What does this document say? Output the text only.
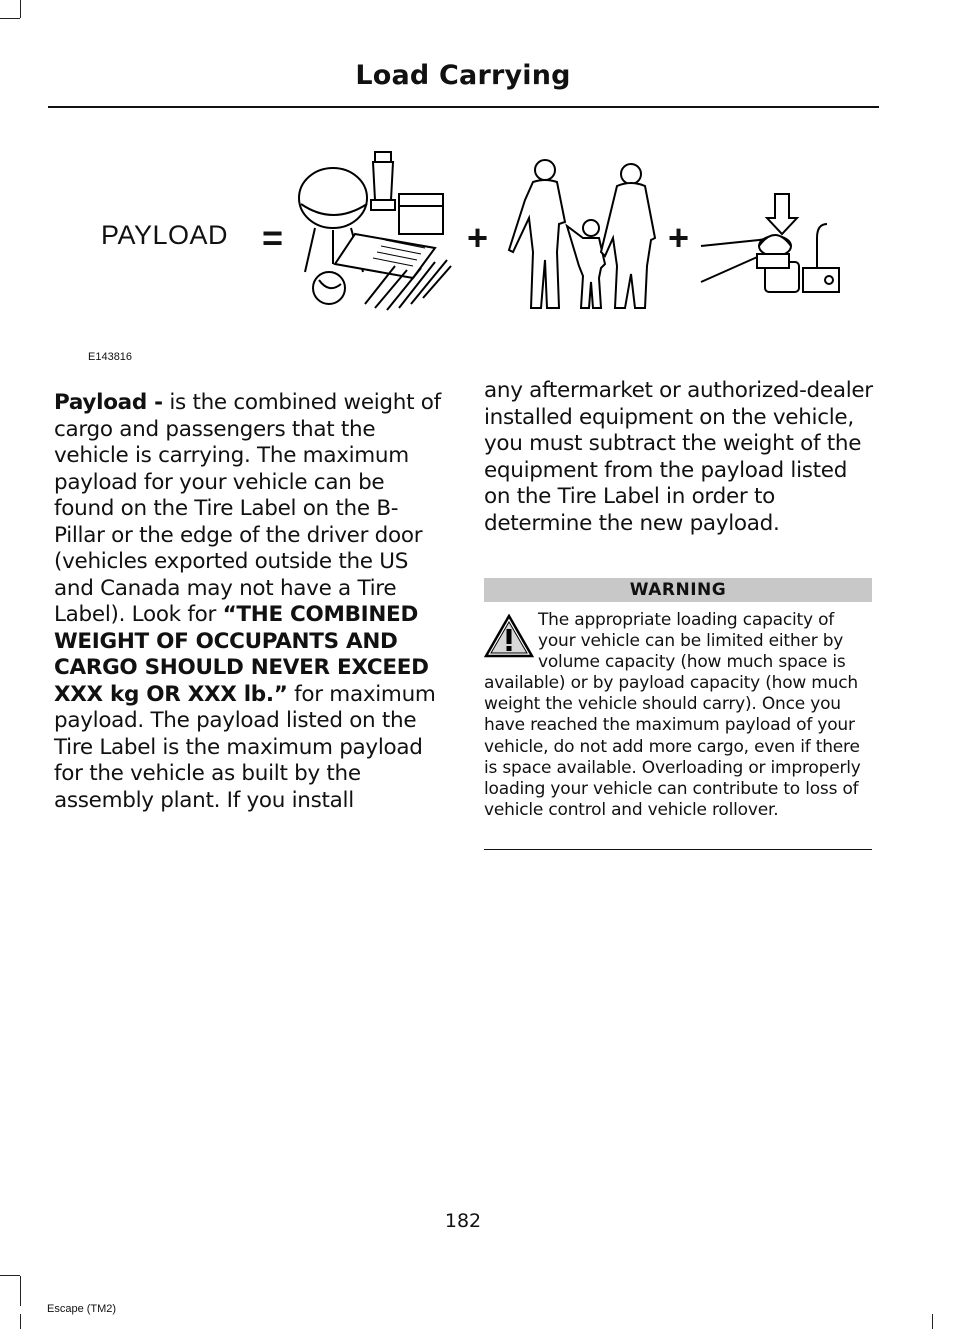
Load Carrying
PAYLOAD =	+	+
E143816

Payload - is the combined weight of cargo and passengers that the vehicle is carrying. The maximum payload for your vehicle can be found on the Tire Label on the B-Pillar or the edge of the driver door (vehicles exported outside the US and Canada may not have a Tire Label). Look for “THE COMBINED WEIGHT OF OCCUPANTS AND CARGO SHOULD NEVER EXCEED XXX kg OR XXX lb.” for maximum payload. The payload listed on the Tire Label is the maximum payload for the vehicle as built by the assembly plant. If you install

any aftermarket or authorized-dealer installed equipment on the vehicle, you must subtract the weight of the equipment from the payload listed on the Tire Label in order to determine the new payload.

WARNING
The appropriate loading capacity of your vehicle can be limited either by volume capacity (how much space is available) or by payload capacity (how much weight the vehicle should carry). Once you have reached the maximum payload of your vehicle, do not add more cargo, even if there is space available. Overloading or improperly loading your vehicle can contribute to loss of vehicle control and vehicle rollover.
182
Escape (TM2)
